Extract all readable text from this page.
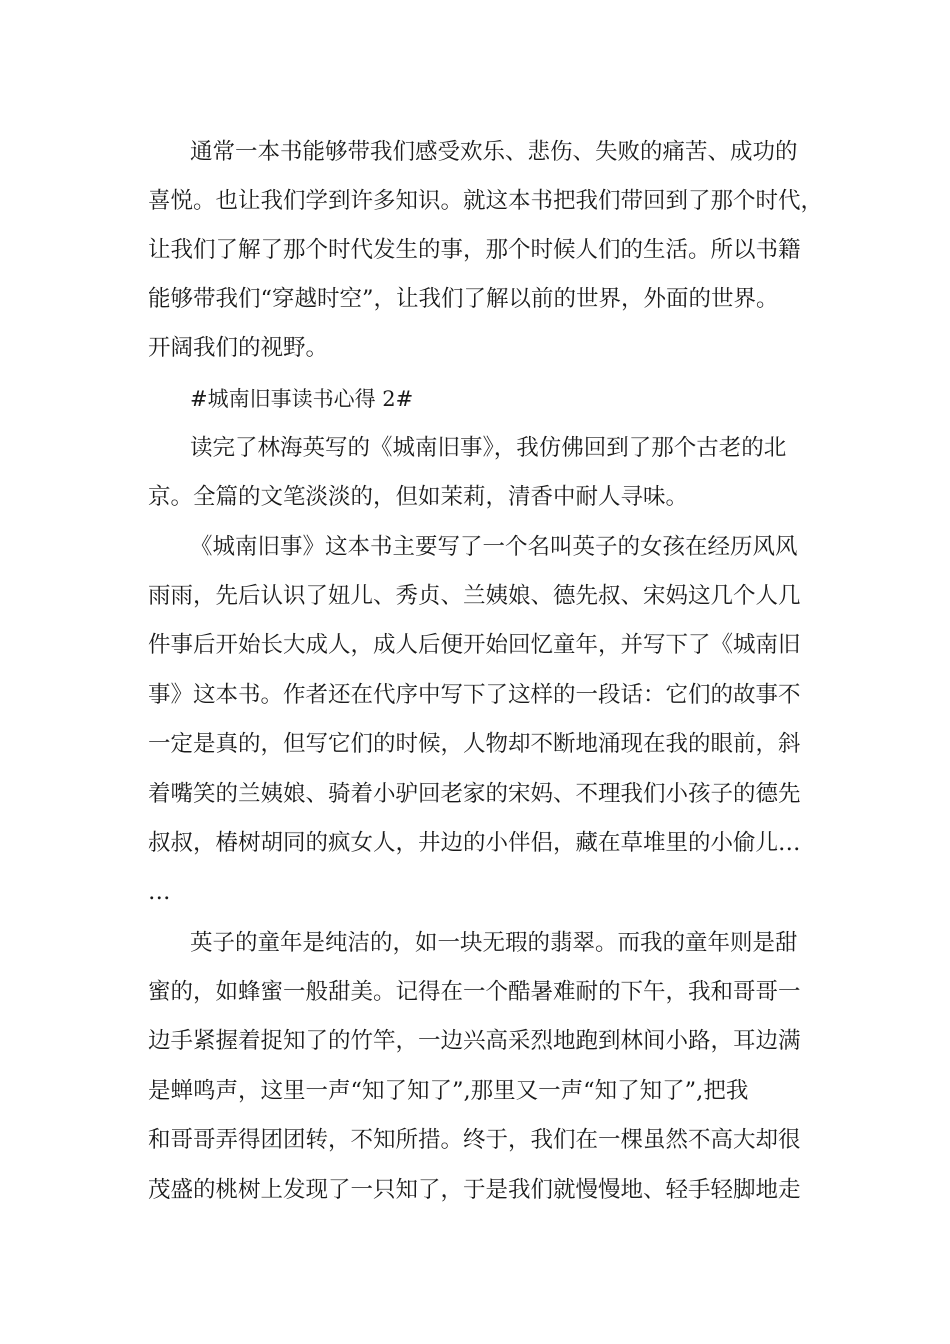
通常一本书能够带我们感受欢乐、悲伤、失败的痛苦、成功的

喜悦。也让我们学到许多知识。就这本书把我们带回到了那个时代，

让我们了解了那个时代发生的事，那个时候人们的生活。所以书籍

能够带我们“穿越时空”，让我们了解以前的世界，外面的世界。

开阔我们的视野。

#城南旧事读书心得 2#

读完了林海英写的《城南旧事》，我仿佛回到了那个古老的北

京。全篇的文笔淡淡的，但如茉莉，清香中耐人寻味。

《城南旧事》这本书主要写了一个名叫英子的女孩在经历风风

雨雨，先后认识了妞儿、秀贞、兰姨娘、德先叔、宋妈这几个人几

件事后开始长大成人，成人后便开始回忆童年，并写下了《城南旧

事》这本书。作者还在代序中写下了这样的一段话：它们的故事不

一定是真的，但写它们的时候，人物却不断地涌现在我的眼前，斜

着嘴笑的兰姨娘、骑着小驴回老家的宋妈、不理我们小孩子的德先

叔叔，椿树胡同的疯女人，井边的小伴侣，藏在草堆里的小偷儿…

…

英子的童年是纯洁的，如一块无瑕的翡翠。而我的童年则是甜

蜜的，如蜂蜜一般甜美。记得在一个酷暑难耐的下午，我和哥哥一

边手紧握着捉知了的竹竿，一边兴高采烈地跑到林间小路，耳边满

是蝉鸣声，这里一声“知了知了”,那里又一声“知了知了”,把我

和哥哥弄得团团转，不知所措。终于，我们在一棵虽然不高大却很

茂盛的桃树上发现了一只知了，于是我们就慢慢地、轻手轻脚地走
